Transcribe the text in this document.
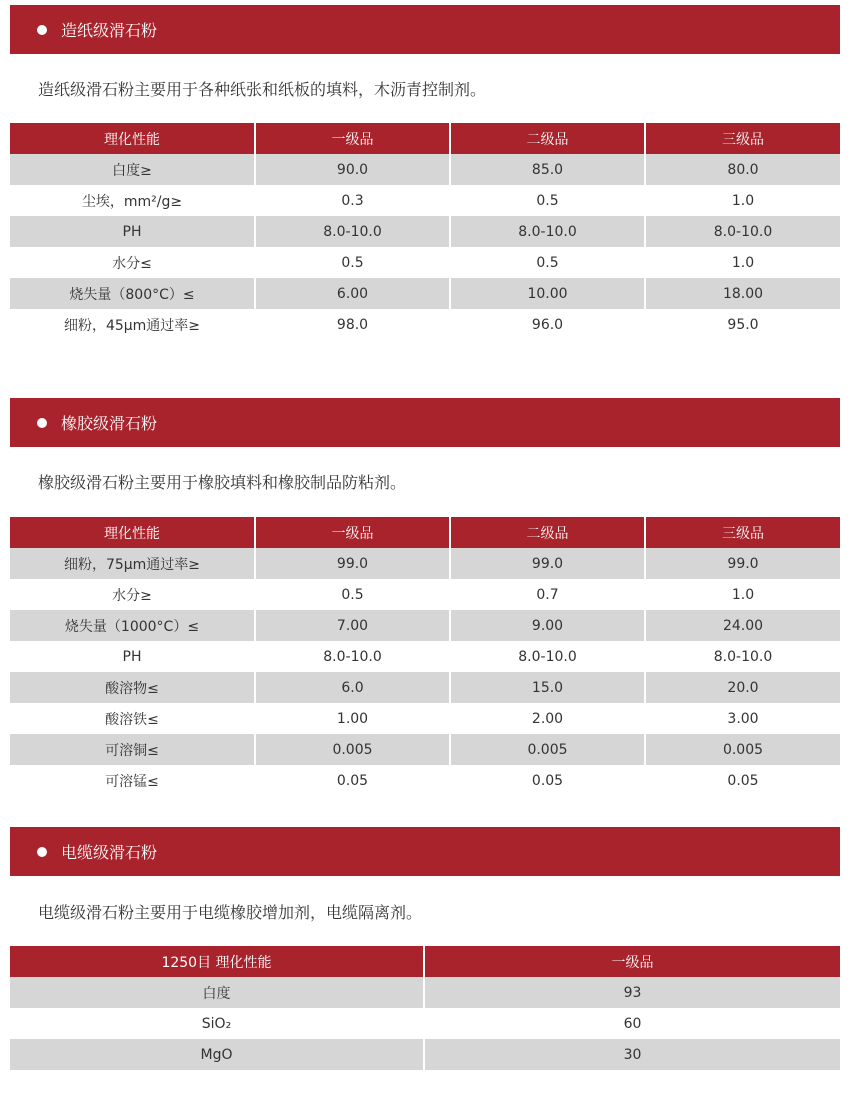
造纸级滑石粉
造纸级滑石粉主要用于各种纸张和纸板的填料，木沥青控制剂。
理化性能	一级品	二级品	三级品
白度≥	90.0	85.0	80.0
尘埃，mm²/g≥	0.3	0.5	1.0
PH	8.0-10.0	8.0-10.0	8.0-10.0
水分≤	0.5	0.5	1.0
烧失量（800°C）≤	6.00	10.00	18.00
细粉，45μm通过率≥	98.0	96.0	95.0
橡胶级滑石粉
橡胶级滑石粉主要用于橡胶填料和橡胶制品防粘剂。
理化性能	一级品	二级品	三级品
细粉，75μm通过率≥	99.0	99.0	99.0
水分≥	0.5	0.7	1.0
烧失量（1000°C）≤	7.00	9.00	24.00
PH	8.0-10.0	8.0-10.0	8.0-10.0
酸溶物≤	6.0	15.0	20.0
酸溶铁≤	1.00	2.00	3.00
可溶铜≤	0.005	0.005	0.005
可溶锰≤	0.05	0.05	0.05
电缆级滑石粉
电缆级滑石粉主要用于电缆橡胶增加剂，电缆隔离剂。
1250目 理化性能	一级品
白度	93
SiO₂	60
MgO	30
